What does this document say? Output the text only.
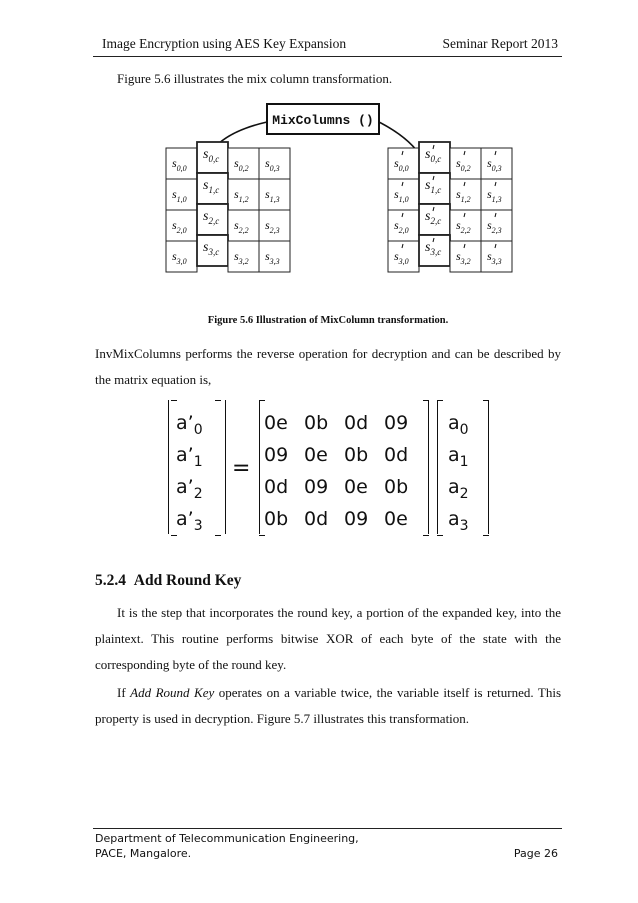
Image Encryption using AES Key Expansion	Seminar Report 2013
Figure 5.6 illustrates the mix column transformation.
MixColumns ()
$s_{0,0}$
$s_{0,c}$ $s_{0,2}$ $s_{0,3}$
$s_{1,0}$
$s_{1,c}$ $s_{1,2}$ $s_{1,3}$
$s_{2,0}$
$s_{2,c}$ $s_{2,2}$ $s_{2,3}$
$s_{3,0}$
$s_{3,c}$ $s_{3,2}$ $s_{3,3}$
$s_{0,0}$
$s_{0,c}$ $s_{0,2}$ $s_{0,3}$
$s_{1,0}$
$s_{1,c}$ $s_{1,2}$ $s_{1,3}$
$s_{2,0}$
$s_{2,c}$ $s_{2,2}$ $s_{2,3}$
$s_{3,0}$
$s_{3,c}$ $s_{3,2}$ $s_{3,3}$
Figure 5.6 Illustration of MixColumn transformation.
InvMixColumns performs the reverse operation for decryption and can be described by the matrix equation is,
$a’_0$
$a’_1$
$a’_2$
$a’_3$
=
0e 0b 0d 09
09 0e 0b 0d
0d 09 0e 0b
0b 0d 09 0e
$a_0$
$a_1$
$a_2$
$a_3$
5.2.4 Add Round Key
It is the step that incorporates the round key, a portion of the expanded key, into the plaintext. This routine performs bitwise XOR of each byte of the state with the corresponding byte of the round key.
If Add Round Key operates on a variable twice, the variable itself is returned. This property is used in decryption. Figure 5.7 illustrates this transformation.
Department of Telecommunication Engineering,
PACE, Mangalore.	Page 26
